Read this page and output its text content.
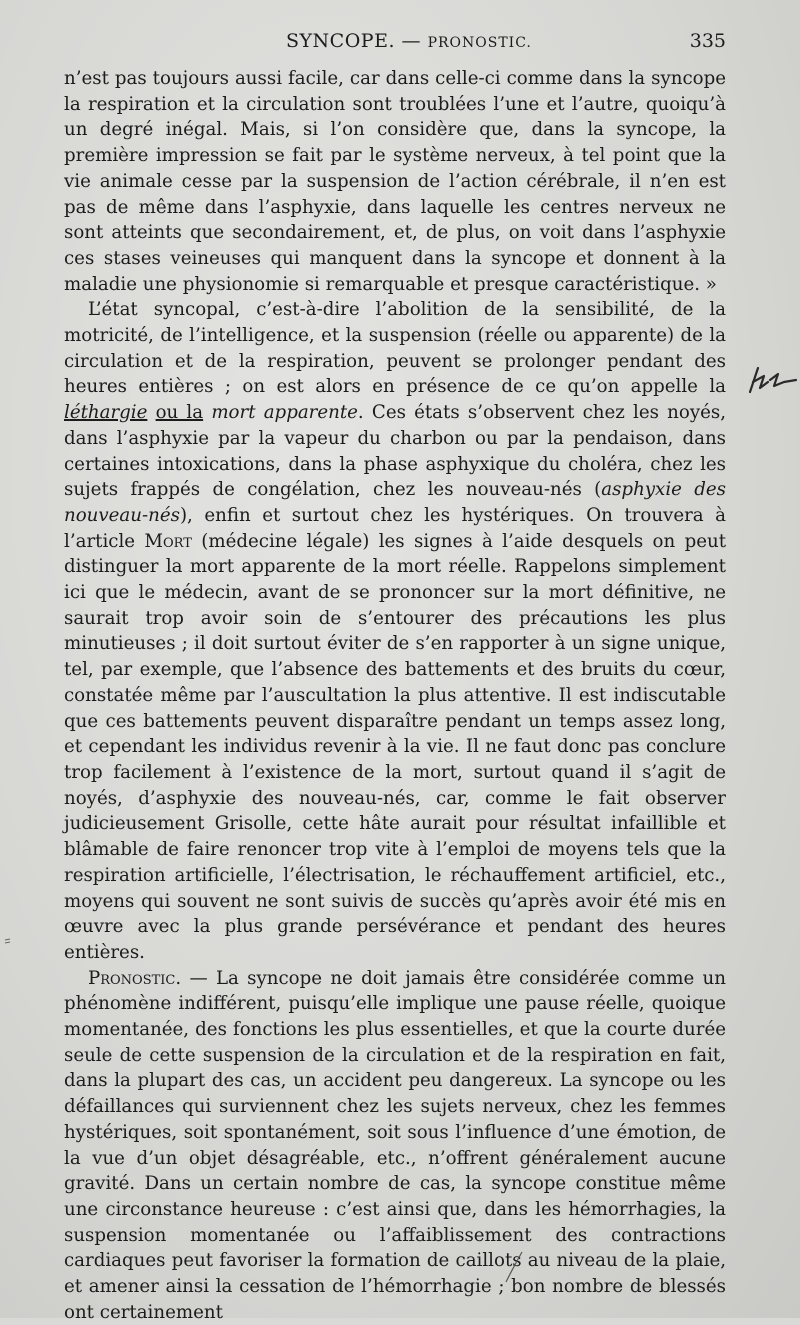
SYNCOPE. — PRONOSTIC.	335

n’est pas toujours aussi facile, car dans celle-ci comme dans la syncope la respiration et la circulation sont troublées l’une et l’autre, quoiqu’à un degré inégal. Mais, si l’on considère que, dans la syncope, la première impression se fait par le système nerveux, à tel point que la vie animale cesse par la suspension de l’action cérébrale, il n’en est pas de même dans l’asphyxie, dans laquelle les centres nerveux ne sont atteints que secondairement, et, de plus, on voit dans l’asphyxie ces stases veineuses qui manquent dans la syncope et donnent à la maladie une physionomie si remarquable et presque caractéristique. »

L’état syncopal, c’est-à-dire l’abolition de la sensibilité, de la motricité, de l’intelligence, et la suspension (réelle ou apparente) de la circulation et de la respiration, peuvent se prolonger pendant des heures entières ; on est alors en présence de ce qu’on appelle la léthargie ou la mort apparente. Ces états s’observent chez les noyés, dans l’asphyxie par la vapeur du charbon ou par la pendaison, dans certaines intoxications, dans la phase asphyxique du choléra, chez les sujets frappés de congélation, chez les nouveau-nés (asphyxie des nouveau-nés), enfin et surtout chez les hystériques. On trouvera à l’article Mort (médecine légale) les signes à l’aide desquels on peut distinguer la mort apparente de la mort réelle. Rappelons simplement ici que le médecin, avant de se prononcer sur la mort définitive, ne saurait trop avoir soin de s’entourer des précautions les plus minutieuses ; il doit surtout éviter de s’en rapporter à un signe unique, tel, par exemple, que l’absence des battements et des bruits du cœur, constatée même par l’auscultation la plus attentive. Il est indiscutable que ces battements peuvent disparaître pendant un temps assez long, et cependant les individus revenir à la vie. Il ne faut donc pas conclure trop facilement à l’existence de la mort, surtout quand il s’agit de noyés, d’asphyxie des nouveau-nés, car, comme le fait observer judicieusement Grisolle, cette hâte aurait pour résultat infaillible et blâmable de faire renoncer trop vite à l’emploi de moyens tels que la respiration artificielle, l’électrisation, le réchauffement artificiel, etc., moyens qui souvent ne sont suivis de succès qu’après avoir été mis en œuvre avec la plus grande persévérance et pendant des heures entières.

Pronostic. — La syncope ne doit jamais être considérée comme un phénomène indifférent, puisqu’elle implique une pause réelle, quoique momentanée, des fonctions les plus essentielles, et que la courte durée seule de cette suspension de la circulation et de la respiration en fait, dans la plupart des cas, un accident peu dangereux. La syncope ou les défaillances qui surviennent chez les sujets nerveux, chez les femmes hystériques, soit spontanément, soit sous l’influence d’une émotion, de la vue d’un objet désagréable, etc., n’offrent généralement aucune gravité. Dans un certain nombre de cas, la syncope constitue même une circonstance heureuse : c’est ainsi que, dans les hémorrhagies, la suspension momentanée ou l’affaiblissement des contractions cardiaques peut favoriser la formation de caillots au niveau de la plaie, et amener ainsi la cessation de l’hémorrhagie ; bon nombre de blessés ont certainement
